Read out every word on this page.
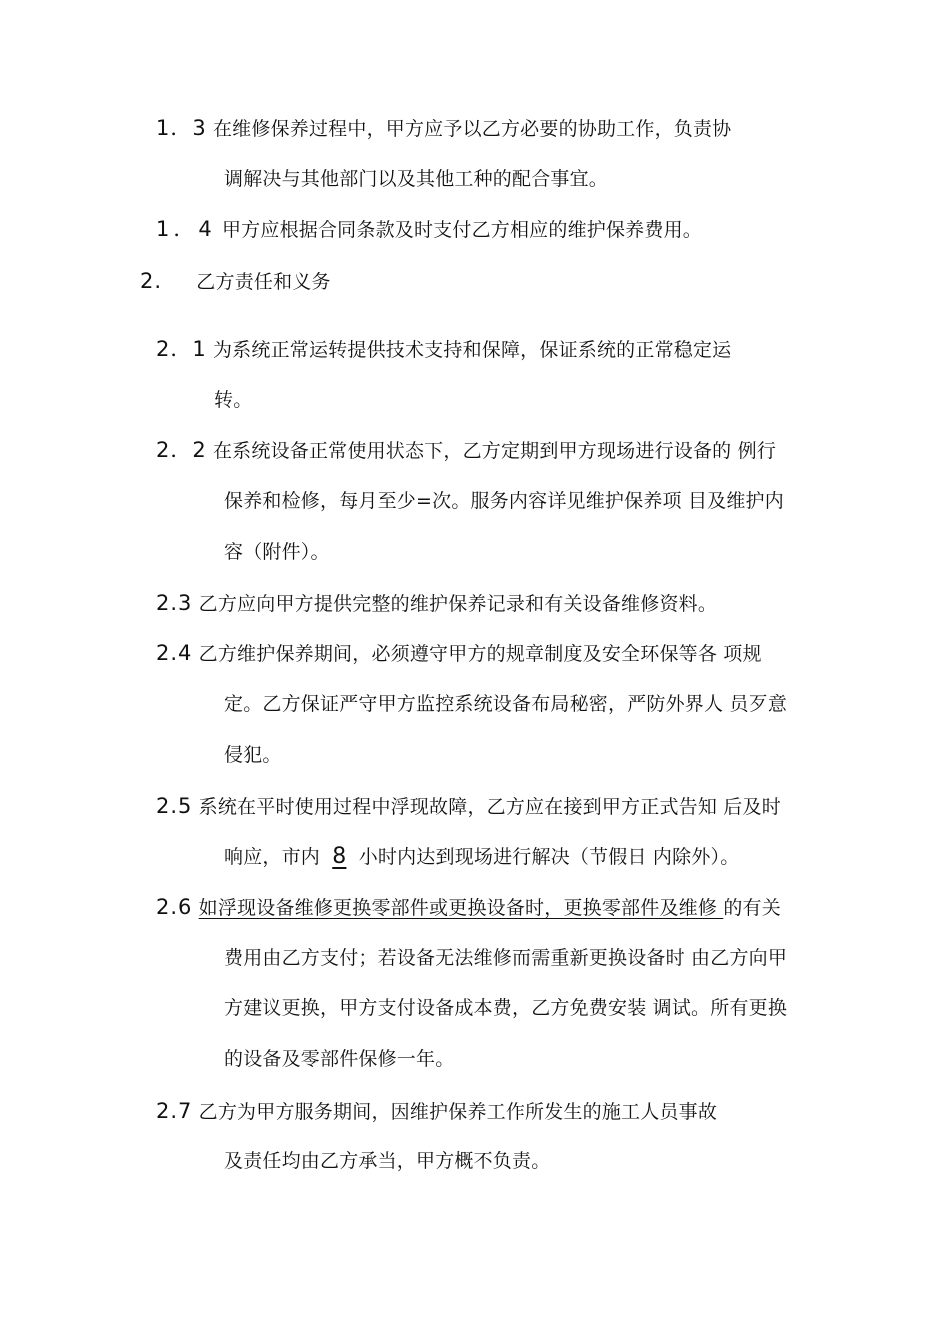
1．3 在维修保养过程中，甲方应予以乙方必要的协助工作，负责协
调解决与其他部门以及其他工种的配合事宜。
1．4 甲方应根据合同条款及时支付乙方相应的维护保养费用。
2. 乙方责任和义务
2．1 为系统正常运转提供技术支持和保障，保证系统的正常稳定运
转。
2．2 在系统设备正常使用状态下，乙方定期到甲方现场进行设备的 例行
保养和检修，每月至少=次。服务内容详见维护保养项 目及维护内
容（附件）。
2.3 乙方应向甲方提供完整的维护保养记录和有关设备维修资料。
2.4 乙方维护保养期间，必须遵守甲方的规章制度及安全环保等各 项规
定。乙方保证严守甲方监控系统设备布局秘密，严防外界人 员歹意
侵犯。
2.5 系统在平时使用过程中浮现故障，乙方应在接到甲方正式告知 后及时
响应，市内 8 小时内达到现场进行解决（节假日 内除外）。
2.6 如浮现设备维修更换零部件或更换设备时，更换零部件及维修 的有关
费用由乙方支付；若设备无法维修而需重新更换设备时 由乙方向甲
方建议更换，甲方支付设备成本费，乙方免费安装 调试。所有更换
的设备及零部件保修一年。
2.7 乙方为甲方服务期间，因维护保养工作所发生的施工人员事故
及责任均由乙方承当，甲方概不负责。
